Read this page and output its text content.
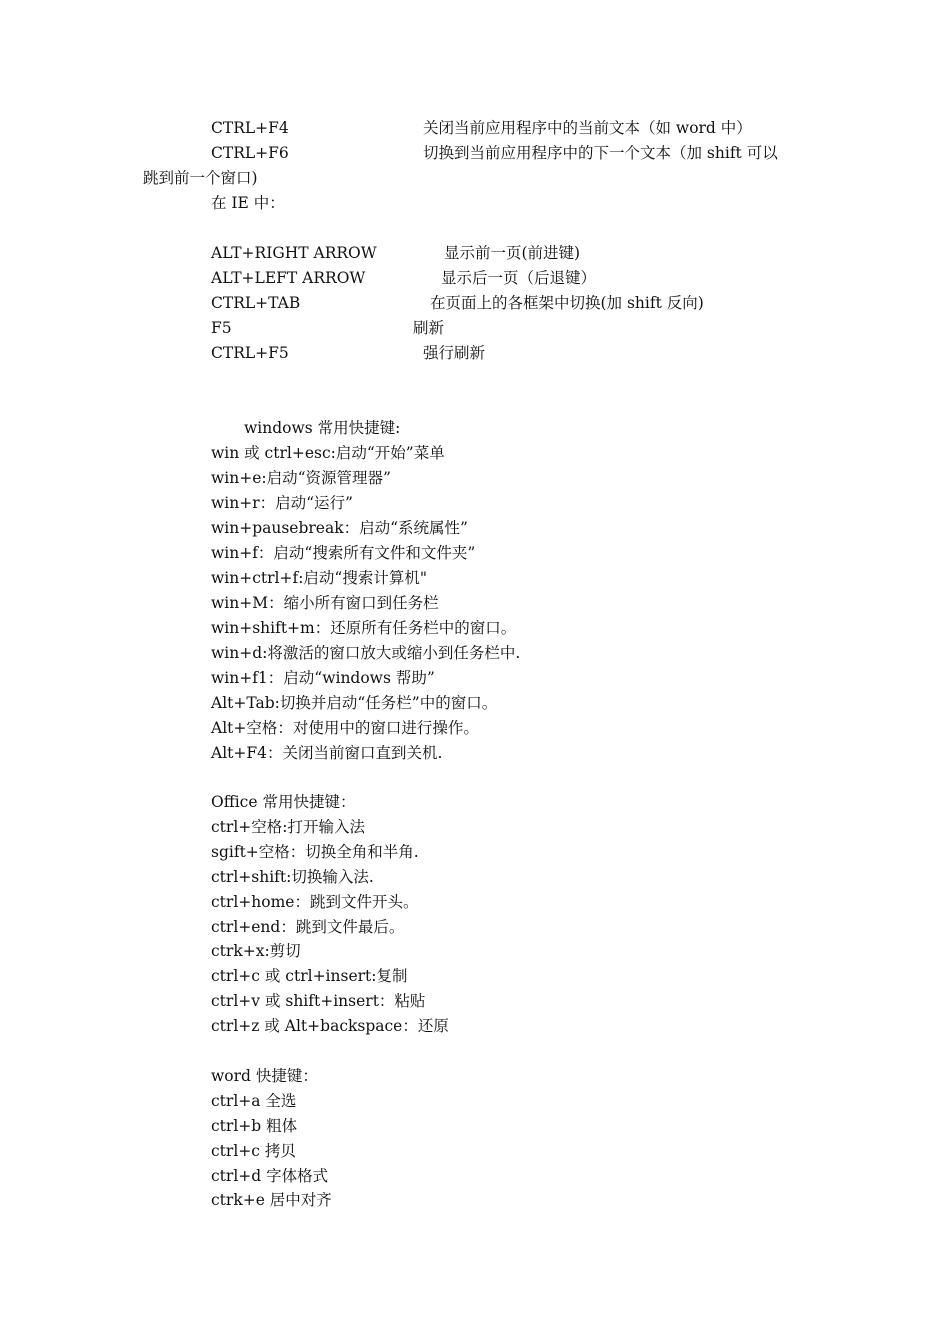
CTRL+F4	关闭当前应用程序中的当前文本（如 word 中）
CTRL+F6	切换到当前应用程序中的下一个文本（加 shift 可以
跳到前一个窗口)
在 IE 中：
ALT+RIGHT ARROW	显示前一页(前进键)
ALT+LEFT ARROW	显示后一页（后退键）
CTRL+TAB	在页面上的各框架中切换(加 shift 反向)
F5	刷新
CTRL+F5	强行刷新
windows 常用快捷键:
win 或 ctrl+esc:启动“开始”菜单
win+e:启动“资源管理器”
win+r：启动“运行”
win+pausebreak：启动“系统属性”
win+f：启动“搜索所有文件和文件夹”
win+ctrl+f:启动“搜索计算机"
win+M：缩小所有窗口到任务栏
win+shift+m：还原所有任务栏中的窗口。
win+d:将激活的窗口放大或缩小到任务栏中.
win+f1：启动“windows 帮助”
Alt+Tab:切换并启动“任务栏”中的窗口。
Alt+空格：对使用中的窗口进行操作。
Alt+F4：关闭当前窗口直到关机.
Office 常用快捷键：
ctrl+空格:打开输入法
sgift+空格：切换全角和半角.
ctrl+shift:切换输入法.
ctrl+home：跳到文件开头。
ctrl+end：跳到文件最后。
ctrk+x:剪切
ctrl+c 或 ctrl+insert:复制
ctrl+v 或 shift+insert：粘贴
ctrl+z 或 Alt+backspace：还原
word 快捷键：
ctrl+a 全选
ctrl+b 粗体
ctrl+c 拷贝
ctrl+d 字体格式
ctrk+e 居中对齐
